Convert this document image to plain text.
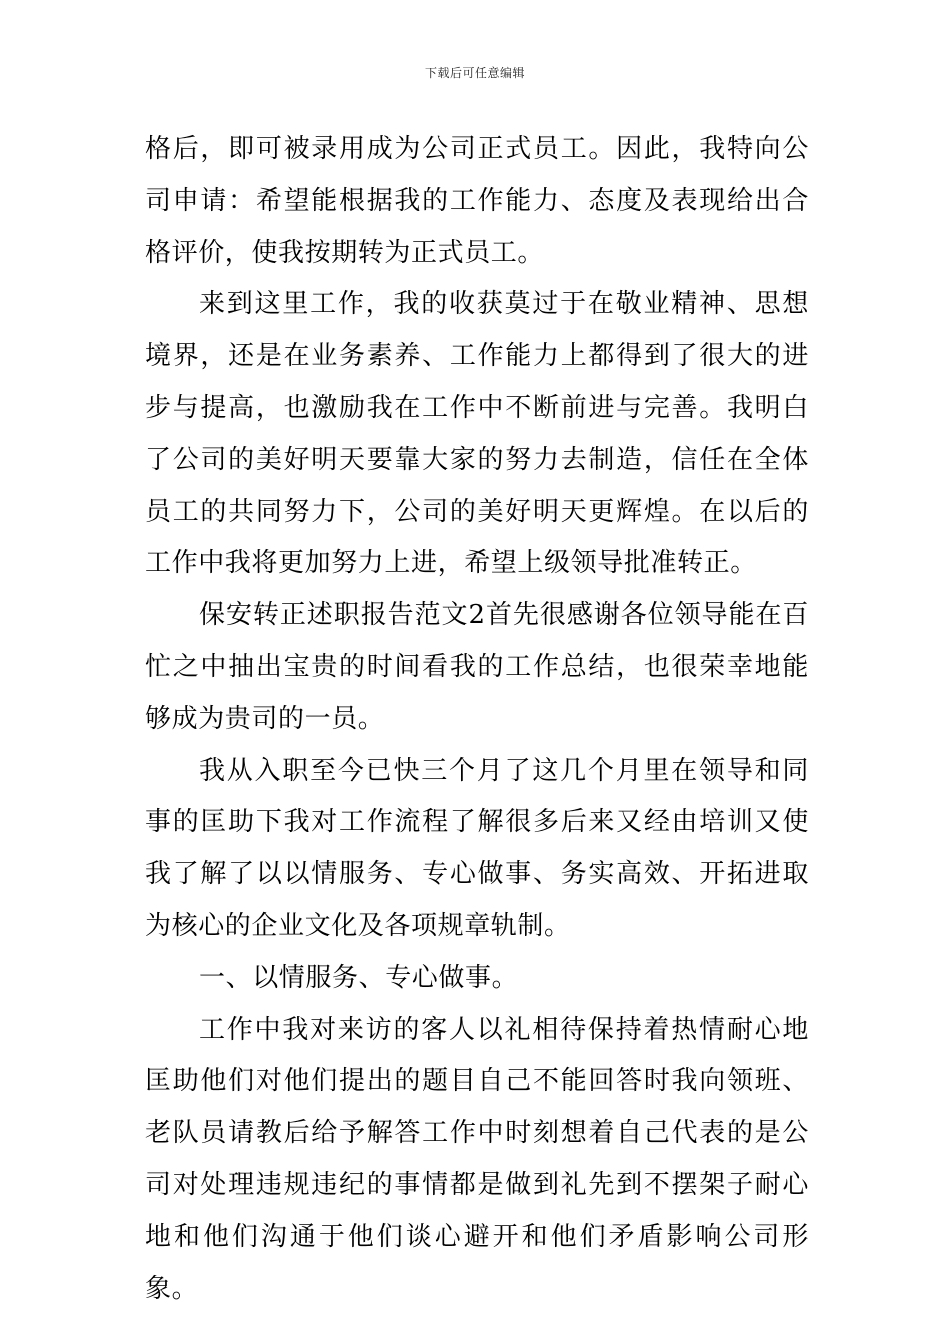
下载后可任意编辑

格后，即可被录用成为公司正式员工。因此，我特向公司申请：希望能根据我的工作能力、态度及表现给出合格评价，使我按期转为正式员工。

来到这里工作，我的收获莫过于在敬业精神、思想境界，还是在业务素养、工作能力上都得到了很大的进步与提高，也激励我在工作中不断前进与完善。我明白了公司的美好明天要靠大家的努力去制造，信任在全体员工的共同努力下，公司的美好明天更辉煌。在以后的工作中我将更加努力上进，希望上级领导批准转正。

保安转正述职报告范文2首先很感谢各位领导能在百忙之中抽出宝贵的时间看我的工作总结，也很荣幸地能够成为贵司的一员。

我从入职至今已快三个月了这几个月里在领导和同事的匡助下我对工作流程了解很多后来又经由培训又使我了解了以以情服务、专心做事、务实高效、开拓进取为核心的企业文化及各项规章轨制。

一、以情服务、专心做事。

工作中我对来访的客人以礼相待保持着热情耐心地匡助他们对他们提出的题目自己不能回答时我向领班、老队员请教后给予解答工作中时刻想着自己代表的是公司对处理违规违纪的事情都是做到礼先到不摆架子耐心地和他们沟通于他们谈心避开和他们矛盾影响公司形象。
